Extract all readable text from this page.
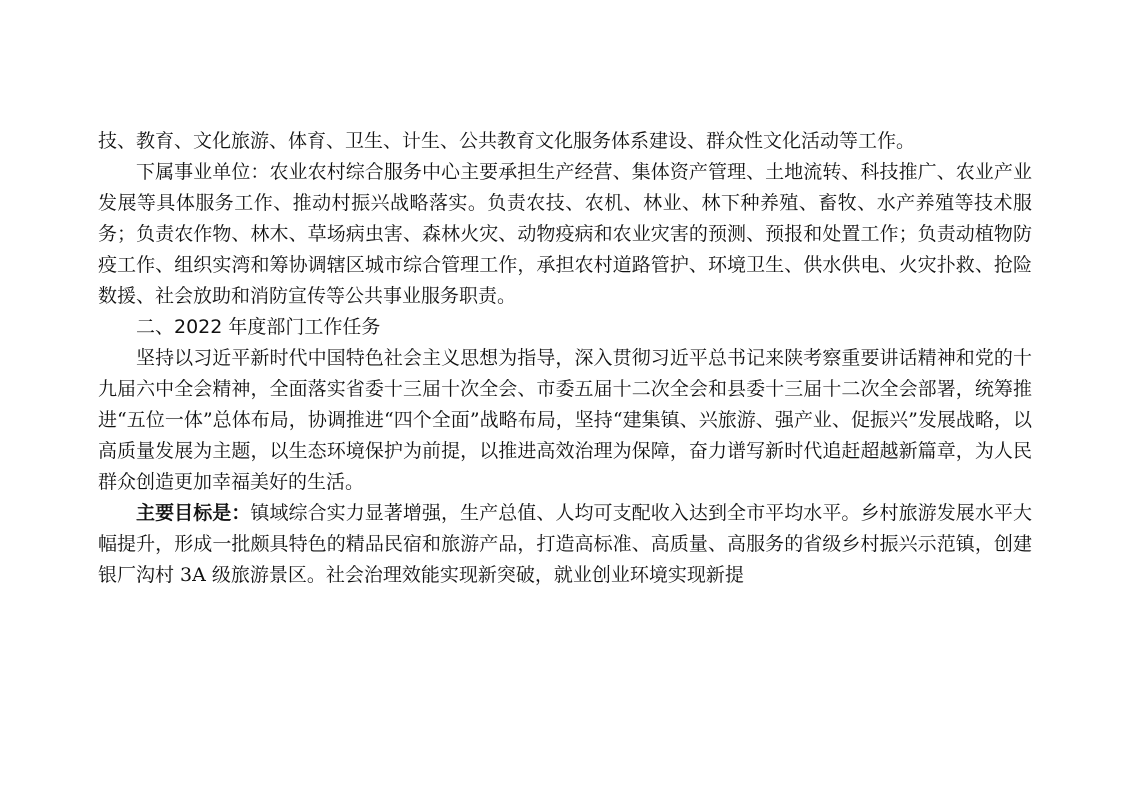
技、教育、文化旅游、体育、卫生、计生、公共教育文化服务体系建设、群众性文化活动等工作。

下属事业单位：农业农村综合服务中心主要承担生产经营、集体资产管理、土地流转、科技推广、农业产业发展等具体服务工作、推动村振兴战略落实。负责农技、农机、林业、林下种养殖、畜牧、水产养殖等技术服务；负责农作物、林木、草场病虫害、森林火灾、动物疫病和农业灾害的预测、预报和处置工作；负责动植物防疫工作、组织实湾和筹协调辖区城市综合管理工作，承担农村道路管护、环境卫生、供水供电、火灾扑救、抢险数援、社会放助和消防宣传等公共事业服务职责。

二、2022 年度部门工作任务

坚持以习近平新时代中国特色社会主义思想为指导，深入贯彻习近平总书记来陕考察重要讲话精神和党的十九届六中全会精神，全面落实省委十三届十次全会、市委五届十二次全会和县委十三届十二次全会部署，统筹推进“五位一体”总体布局，协调推进“四个全面”战略布局，坚持“建集镇、兴旅游、强产业、促振兴”发展战略，以高质量发展为主题，以生态环境保护为前提，以推进高效治理为保障，奋力谱写新时代追赶超越新篇章，为人民群众创造更加幸福美好的生活。

主要目标是：镇域综合实力显著增强，生产总值、人均可支配收入达到全市平均水平。乡村旅游发展水平大幅提升，形成一批颇具特色的精品民宿和旅游产品，打造高标准、高质量、高服务的省级乡村振兴示范镇，创建银厂沟村 3A 级旅游景区。社会治理效能实现新突破，就业创业环境实现新提
